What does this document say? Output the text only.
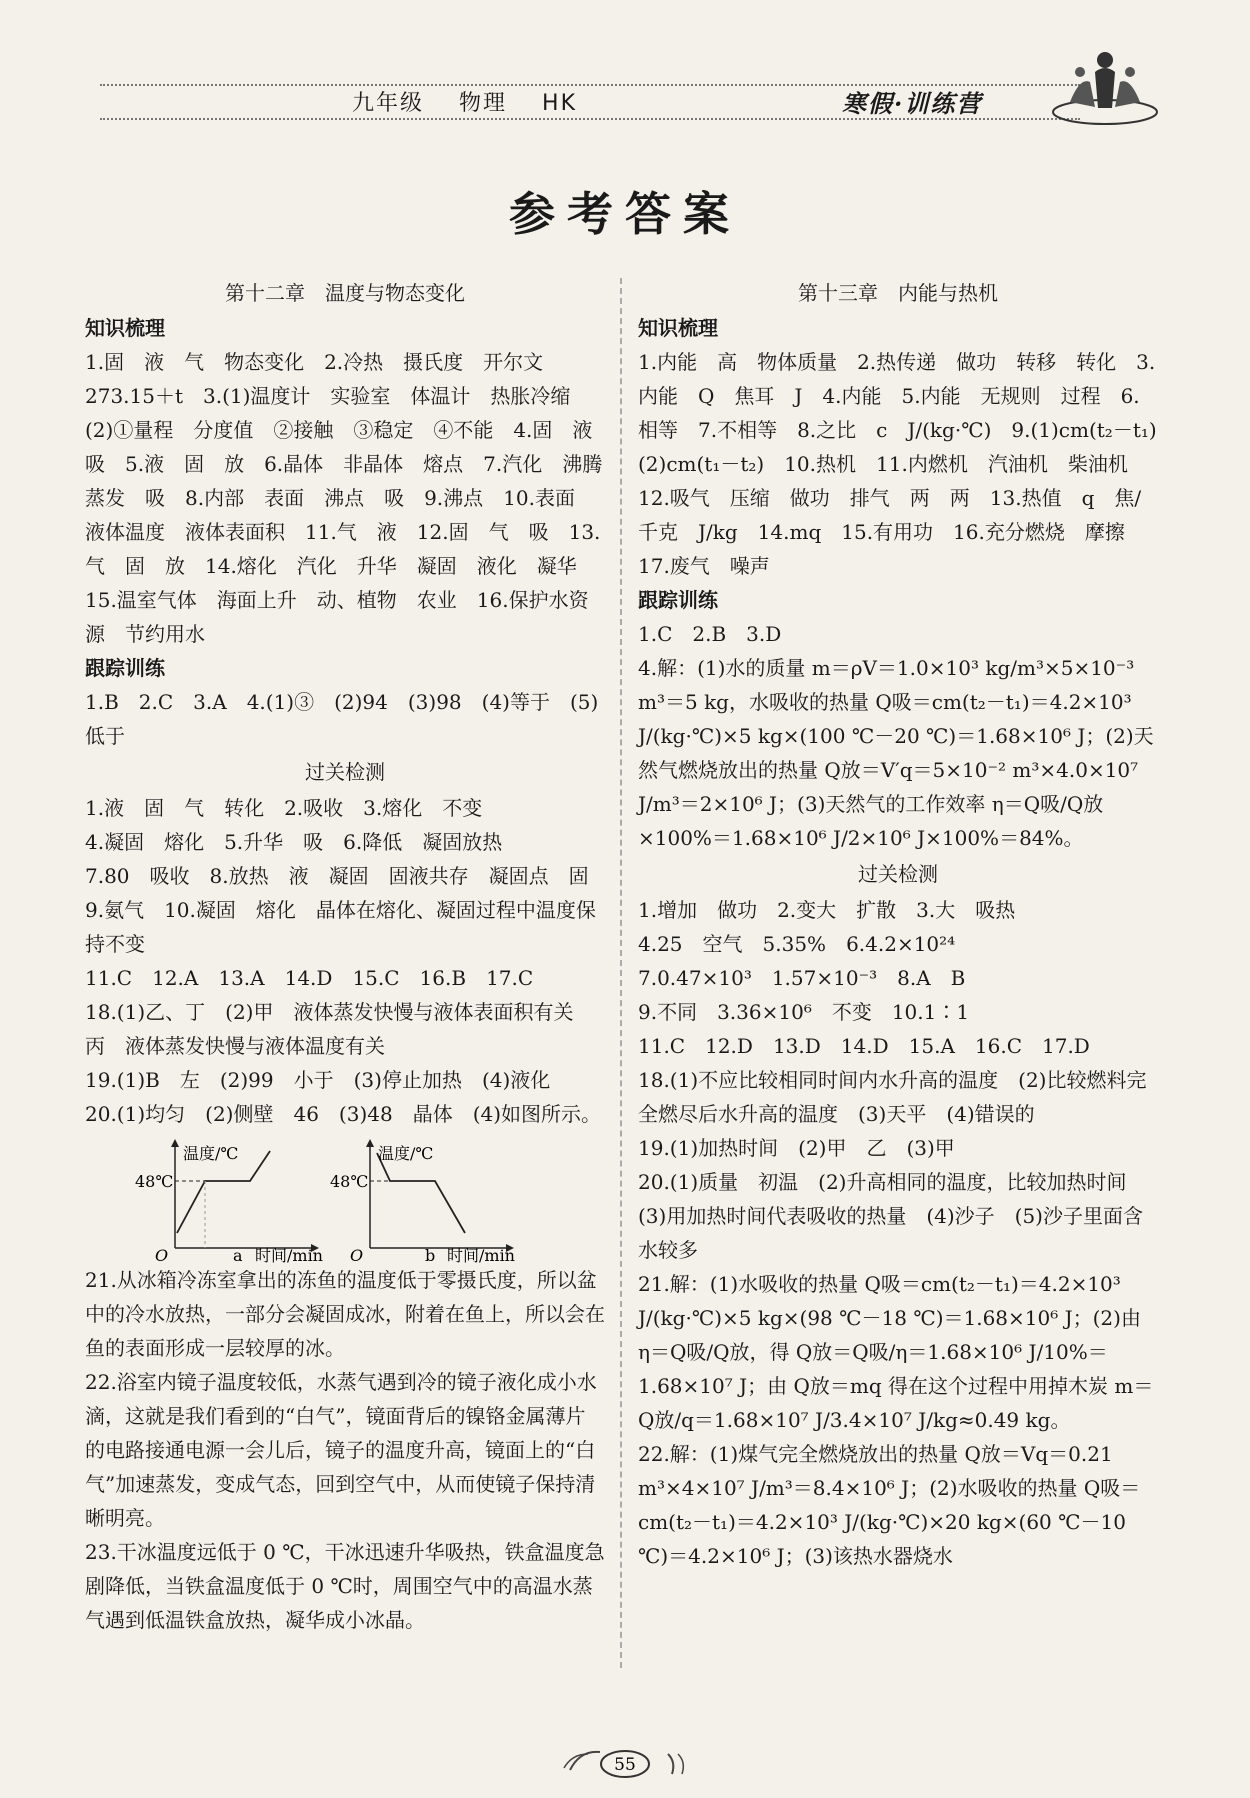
九年级 物理 HK	寒假·训练营
参考答案
第十二章　温度与物态变化
知识梳理

1.固　液　气　物态变化　2.冷热　摄氏度　开尔文　273.15＋t　3.(1)温度计　实验室　体温计　热胀冷缩　(2)①量程　分度值　②接触　③稳定　④不能　4.固　液　吸　5.液　固　放　6.晶体　非晶体　熔点　7.汽化　沸腾　蒸发　吸　8.内部　表面　沸点　吸　9.沸点　10.表面　液体温度　液体表面积　11.气　液　12.固　气　吸　13.气　固　放　14.熔化　汽化　升华　凝固　液化　凝华　15.温室气体　海面上升　动、植物　农业　16.保护水资源　节约用水

跟踪训练

1.B　2.C　3.A　4.(1)③　(2)94　(3)98　(4)等于　(5)低于

过关检测

1.液　固　气　转化　2.吸收　3.熔化　不变

4.凝固　熔化　5.升华　吸　6.降低　凝固放热

7.80　吸收　8.放热　液　凝固　固液共存　凝固点　固　9.氨气　10.凝固　熔化　晶体在熔化、凝固过程中温度保持不变

11.C　12.A　13.A　14.D　15.C　16.B　17.C

18.(1)乙、丁　(2)甲　液体蒸发快慢与液体表面积有关　丙　液体蒸发快慢与液体温度有关

19.(1)B　左　(2)99　小于　(3)停止加热　(4)液化

20.(1)均匀　(2)侧壁　46　(3)48　晶体　(4)如图所示。

温度/℃
48℃
O	a 时间/min
温度/℃
48℃
O	b 时间/min

21.从冰箱冷冻室拿出的冻鱼的温度低于零摄氏度，所以盆中的冷水放热，一部分会凝固成冰，附着在鱼上，所以会在鱼的表面形成一层较厚的冰。

22.浴室内镜子温度较低，水蒸气遇到冷的镜子液化成小水滴，这就是我们看到的“白气”，镜面背后的镍铬金属薄片的电路接通电源一会儿后，镜子的温度升高，镜面上的“白气”加速蒸发，变成气态，回到空气中，从而使镜子保持清晰明亮。

23.干冰温度远低于 0 ℃，干冰迅速升华吸热，铁盒温度急剧降低，当铁盒温度低于 0 ℃时，周围空气中的高温水蒸气遇到低温铁盒放热，凝华成小冰晶。

第十三章　内能与热机
知识梳理

1.内能　高　物体质量　2.热传递　做功　转移　转化　3.内能　Q　焦耳　J　4.内能　5.内能　无规则　过程　6.相等　7.不相等　8.之比　c　J/(kg·℃)　9.(1)cm(t₂－t₁)　(2)cm(t₁－t₂)　10.热机　11.内燃机　汽油机　柴油机　12.吸气　压缩　做功　排气　两　两　13.热值　q　焦/千克　J/kg　14.mq　15.有用功　16.充分燃烧　摩擦　17.废气　噪声

跟踪训练

1.C　2.B　3.D

4.解：(1)水的质量 m＝ρV＝1.0×10³ kg/m³×5×10⁻³ m³＝5 kg，水吸收的热量 Q吸＝cm(t₂－t₁)＝4.2×10³ J/(kg·℃)×5 kg×(100 ℃－20 ℃)＝1.68×10⁶ J；(2)天然气燃烧放出的热量 Q放＝V′q＝5×10⁻² m³×4.0×10⁷ J/m³＝2×10⁶ J；(3)天然气的工作效率 η＝Q吸/Q放×100%＝1.68×10⁶ J/2×10⁶ J×100%＝84%。

过关检测

1.增加　做功　2.变大　扩散　3.大　吸热

4.25　空气　5.35%　6.4.2×10²⁴

7.0.47×10³　1.57×10⁻³　8.A　B

9.不同　3.36×10⁶　不变　10.1∶1

11.C　12.D　13.D　14.D　15.A　16.C　17.D

18.(1)不应比较相同时间内水升高的温度　(2)比较燃料完全燃尽后水升高的温度　(3)天平　(4)错误的

19.(1)加热时间　(2)甲　乙　(3)甲

20.(1)质量　初温　(2)升高相同的温度，比较加热时间　(3)用加热时间代表吸收的热量　(4)沙子　(5)沙子里面含水较多

21.解：(1)水吸收的热量 Q吸＝cm(t₂－t₁)＝4.2×10³ J/(kg·℃)×5 kg×(98 ℃－18 ℃)＝1.68×10⁶ J；(2)由 η＝Q吸/Q放，得 Q放＝Q吸/η＝1.68×10⁶ J/10%＝1.68×10⁷ J；由 Q放＝mq 得在这个过程中用掉木炭 m＝Q放/q＝1.68×10⁷ J/3.4×10⁷ J/kg≈0.49 kg。

22.解：(1)煤气完全燃烧放出的热量 Q放＝Vq＝0.21 m³×4×10⁷ J/m³＝8.4×10⁶ J；(2)水吸收的热量 Q吸＝cm(t₂－t₁)＝4.2×10³ J/(kg·℃)×20 kg×(60 ℃－10 ℃)＝4.2×10⁶ J；(3)该热水器烧水

55
